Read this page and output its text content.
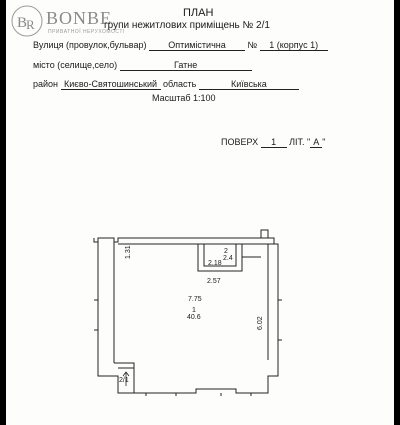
B
R BONBE
ПРИВАТНОЇ НЕРУХОМОСТІ
ПЛАН
групи нежитлових приміщень № 2/1
Вулиця (провулок,бульвар) Оптимістична № 1 (корпус 1)
місто (селище,село)	Гатне
район Києво-Святошинський область	Київська
Масштаб 1:100
ПОВЕРХ 1 ЛІТ. " А "
1.31
2.18
2
2.4
2.57
7.75
1
40.6	6.02
2/1
